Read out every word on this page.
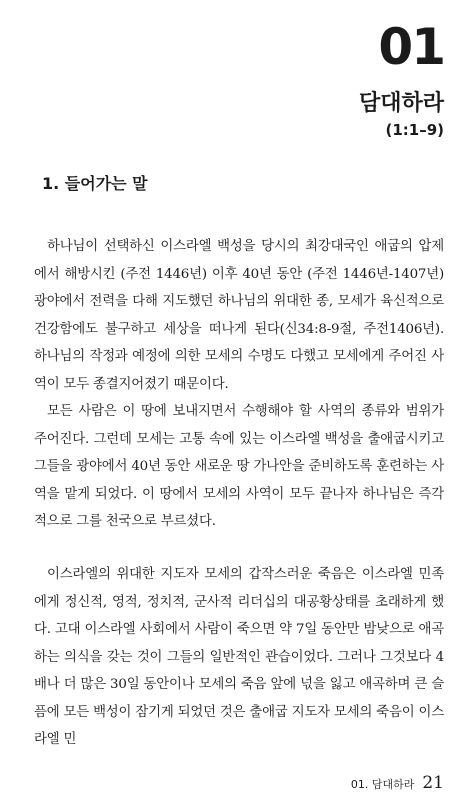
01
담대하라
(1:1–9)
1. 들어가는 말

하나님이 선택하신 이스라엘 백성을 당시의 최강대국인 애굽의 압제에서 해방시킨 (주전 1446년) 이후 40년 동안 (주전 1446년-1407년) 광야에서 전력을 다해 지도했던 하나님의 위대한 종, 모세가 육신적으로 건강함에도 불구하고 세상을 떠나게 된다(신34:8-9절, 주전1406년). 하나님의 작정과 예정에 의한 모세의 수명도 다했고 모세에게 주어진 사역이 모두 종결지어졌기 때문이다.

모든 사람은 이 땅에 보내지면서 수행해야 할 사역의 종류와 범위가 주어진다. 그런데 모세는 고통 속에 있는 이스라엘 백성을 출애굽시키고 그들을 광야에서 40년 동안 새로운 땅 가나안을 준비하도록 훈련하는 사역을 맡게 되었다. 이 땅에서 모세의 사역이 모두 끝나자 하나님은 즉각적으로 그를 천국으로 부르셨다.

이스라엘의 위대한 지도자 모세의 갑작스러운 죽음은 이스라엘 민족에게 정신적, 영적, 정치적, 군사적 리더십의 대공황상태를 초래하게 했다. 고대 이스라엘 사회에서 사람이 죽으면 약 7일 동안만 밤낮으로 애곡하는 의식을 갖는 것이 그들의 일반적인 관습이었다. 그러나 그것보다 4배나 더 많은 30일 동안이나 모세의 죽음 앞에 넋을 잃고 애곡하며 큰 슬픔에 모든 백성이 잠기게 되었던 것은 출애굽 지도자 모세의 죽음이 이스라엘 민

01. 담대하라 21
